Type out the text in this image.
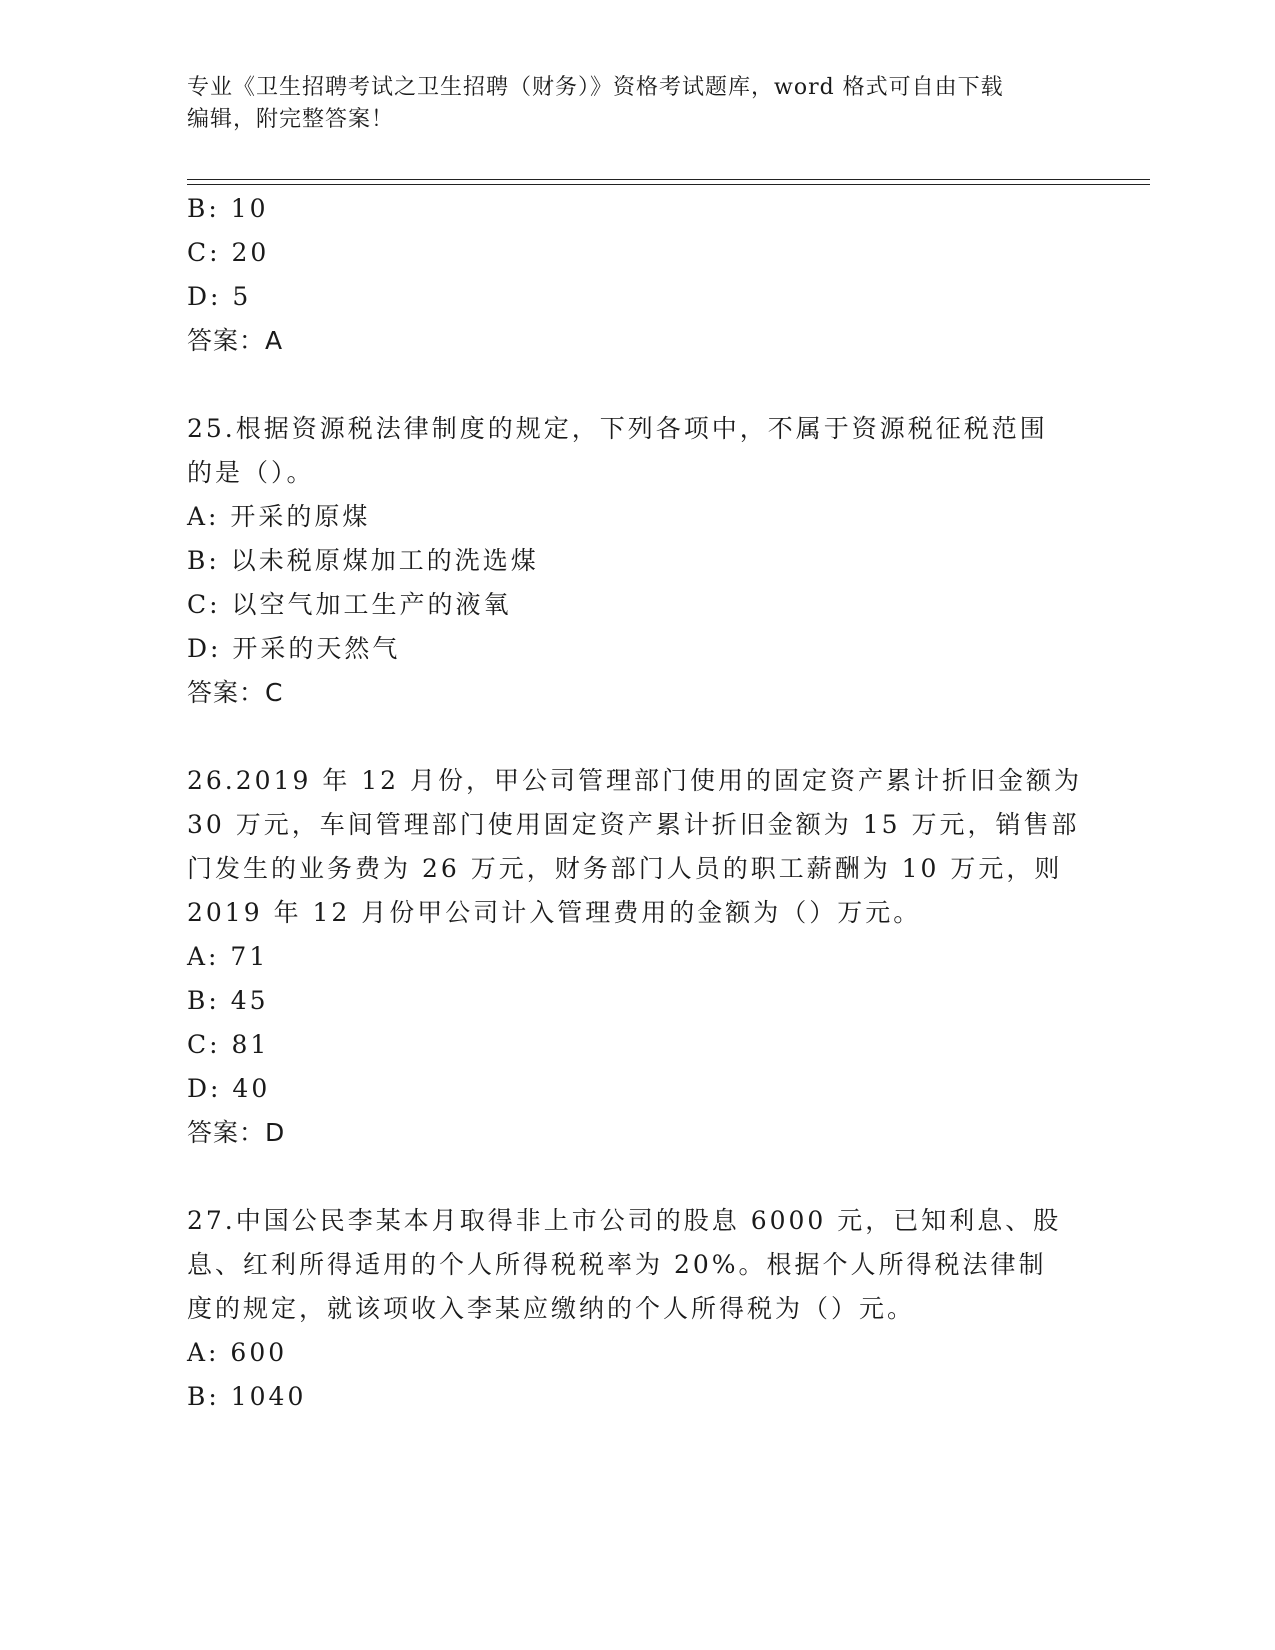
专业《卫生招聘考试之卫生招聘（财务）》资格考试题库，word 格式可自由下载
编辑，附完整答案！
B: 10
C: 20
D: 5
答案：A
25.根据资源税法律制度的规定，下列各项中，不属于资源税征税范围
的是（）。
A: 开采的原煤
B: 以未税原煤加工的洗选煤
C: 以空气加工生产的液氧
D: 开采的天然气
答案：C
26.2019 年 12 月份，甲公司管理部门使用的固定资产累计折旧金额为
30 万元，车间管理部门使用固定资产累计折旧金额为 15 万元，销售部
门发生的业务费为 26 万元，财务部门人员的职工薪酬为 10 万元，则
2019 年 12 月份甲公司计入管理费用的金额为（）万元。
A: 71
B: 45
C: 81
D: 40
答案：D
27.中国公民李某本月取得非上市公司的股息 6000 元，已知利息、股
息、红利所得适用的个人所得税税率为 20%。根据个人所得税法律制
度的规定，就该项收入李某应缴纳的个人所得税为（）元。
A: 600
B: 1040
